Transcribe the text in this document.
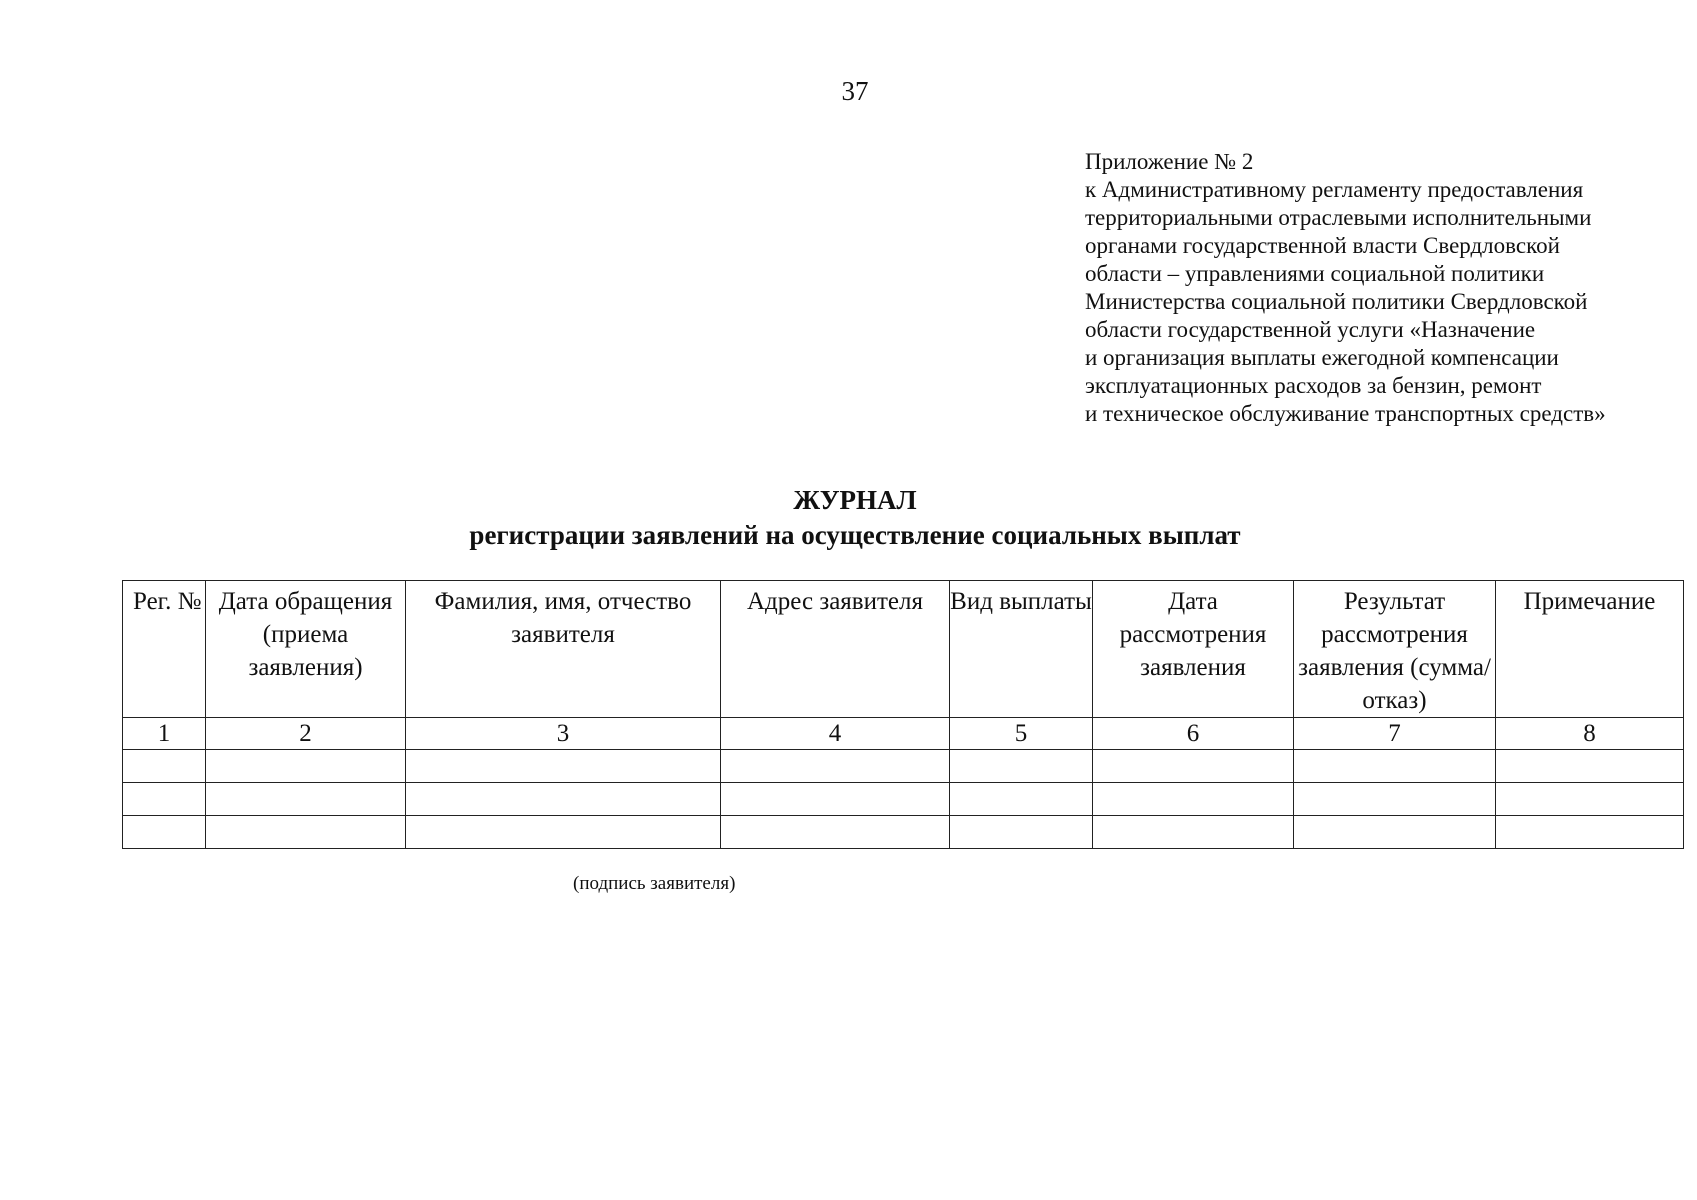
37
Приложение № 2
к Административному регламенту предоставления
территориальными отраслевыми исполнительными
органами государственной власти Свердловской
области – управлениями социальной политики
Министерства социальной политики Свердловской
области государственной услуги «Назначение
и организация выплаты ежегодной компенсации
эксплуатационных расходов за бензин, ремонт
и техническое обслуживание транспортных средств»
ЖУРНАЛ
регистрации заявлений на осуществление социальных выплат
Рег. №	Дата обращения (приема заявления)	Фамилия, имя, отчество заявителя	Адрес заявителя	Вид выплаты	Дата рассмотрения заявления	Результат рассмотрения заявления (сумма/отказ)	Примечание
1	2	3	4	5	6	7	8

(подпись заявителя)
